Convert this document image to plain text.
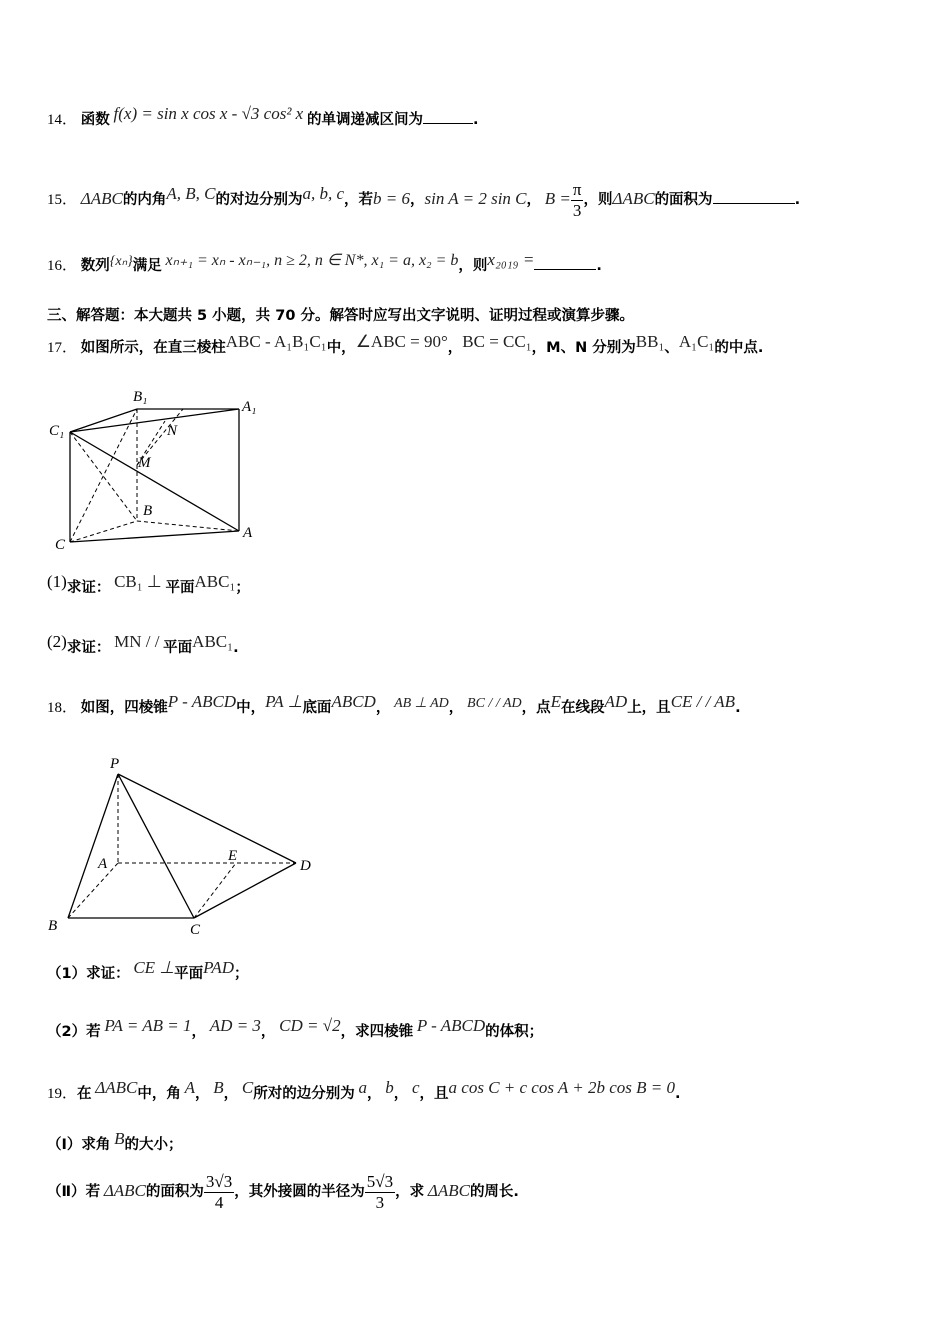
14． 函数 f(x) = sin x cos x - √3 cos² x 的单调递减区间为	.
15． ΔABC的内角A, B, C的对边分别为a, b, c，若b = 6，sin A = 2 sin C， $B = \frac{\pi}{3}$ ，则ΔABC的面积为	.
16． 数列{xₙ}满足 xₙ₊₁ = xₙ - xₙ₋₁, n ≥ 2, n ∈ N*, x₁ = a, x₂ = b，则x₂₀₁₉ =	.
三、解答题：本大题共 5 小题，共 70 分。解答时应写出文字说明、证明过程或演算步骤。
17． 如图所示，在直三棱柱ABC - A₁B₁C₁中，∠ABC = 90°，BC = CC₁，M、N 分别为BB₁、A₁C₁的中点.
B₁
A₁
C₁	N
M
B
A
C
(1)求证： CB₁ ⊥ 平面ABC₁；
(2)求证： MN / / 平面ABC₁.
18． 如图，四棱锥P - ABCD中，PA ⊥底面ABCD， AB ⊥ AD， BC / / AD，点E在线段AD上，且CE / / AB.
P
A	E
D
B	C
（1）求证： CE ⊥平面PAD；
（2）若 PA = AB = 1， AD = 3， CD = √2，求四棱锥 P - ABCD的体积；
19．在 ΔABC中，角 A， B， C所对的边分别为 a， b， c，且a cos C + c cos A + 2b cos B = 0.
（Ⅰ）求角 B的大小；
（Ⅱ）若 ΔABC的面积为 $\frac{3√3}{4}$ ，其外接圆的半径为 $\frac{5√3}{3}$ ，求 ΔABC的周长.
